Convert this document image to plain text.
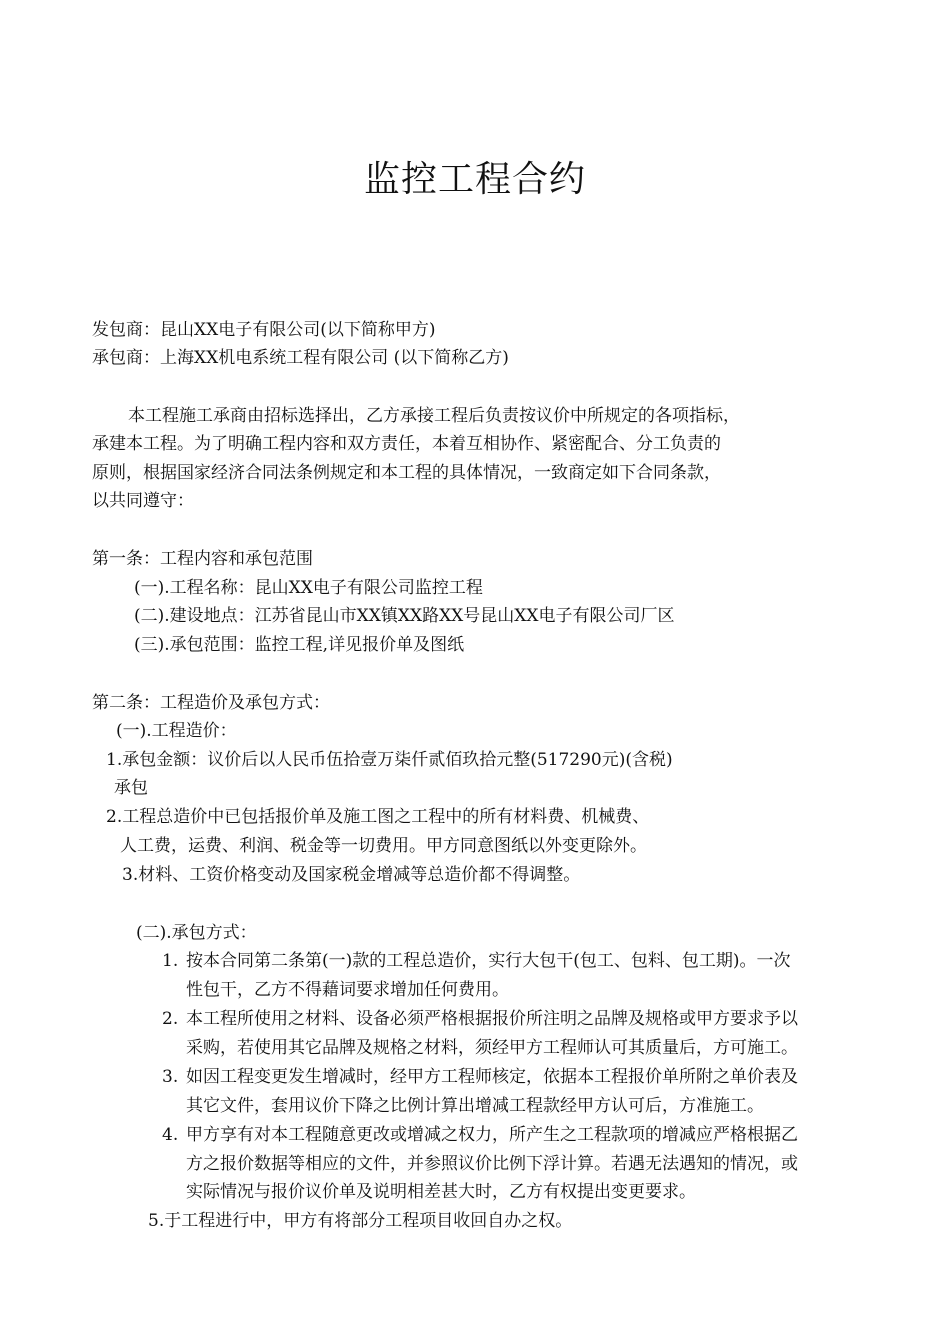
监控工程合约
发包商：昆山XX电子有限公司(以下简称甲方)
承包商：上海XX机电系统工程有限公司 (以下简称乙方)
本工程施工承商由招标选择出，乙方承接工程后负责按议价中所规定的各项指标，
承建本工程。为了明确工程内容和双方责任，本着互相协作、紧密配合、分工负责的
原则，根据国家经济合同法条例规定和本工程的具体情况，一致商定如下合同条款，
以共同遵守：
第一条：工程内容和承包范围
(一).工程名称：昆山XX电子有限公司监控工程
(二).建设地点：江苏省昆山市XX镇XX路XX号昆山XX电子有限公司厂区
(三).承包范围：监控工程,详见报价单及图纸
第二条：工程造价及承包方式：
(一).工程造价：
1.承包金额：议价后以人民币伍拾壹万柒仟贰佰玖拾元整(517290元)(含税)
承包
2.工程总造价中已包括报价单及施工图之工程中的所有材料费、机械费、
人工费，运费、利润、税金等一切费用。甲方同意图纸以外变更除外。
3.材料、工资价格变动及国家税金增减等总造价都不得调整。
(二).承包方式：
1. 按本合同第二条第(一)款的工程总造价，实行大包干(包工、包料、包工期)。一次
性包干，乙方不得藉词要求增加任何费用。
2. 本工程所使用之材料、设备必须严格根据报价所注明之品牌及规格或甲方要求予以
采购，若使用其它品牌及规格之材料，须经甲方工程师认可其质量后，方可施工。
3. 如因工程变更发生增减时，经甲方工程师核定，依据本工程报价单所附之单价表及
其它文件，套用议价下降之比例计算出增减工程款经甲方认可后，方准施工。
4. 甲方享有对本工程随意更改或增减之权力，所产生之工程款项的增减应严格根据乙
方之报价数据等相应的文件，并参照议价比例下浮计算。若遇无法遇知的情况，或
实际情况与报价议价单及说明相差甚大时，乙方有权提出变更要求。
5.于工程进行中，甲方有将部分工程项目收回自办之权。
